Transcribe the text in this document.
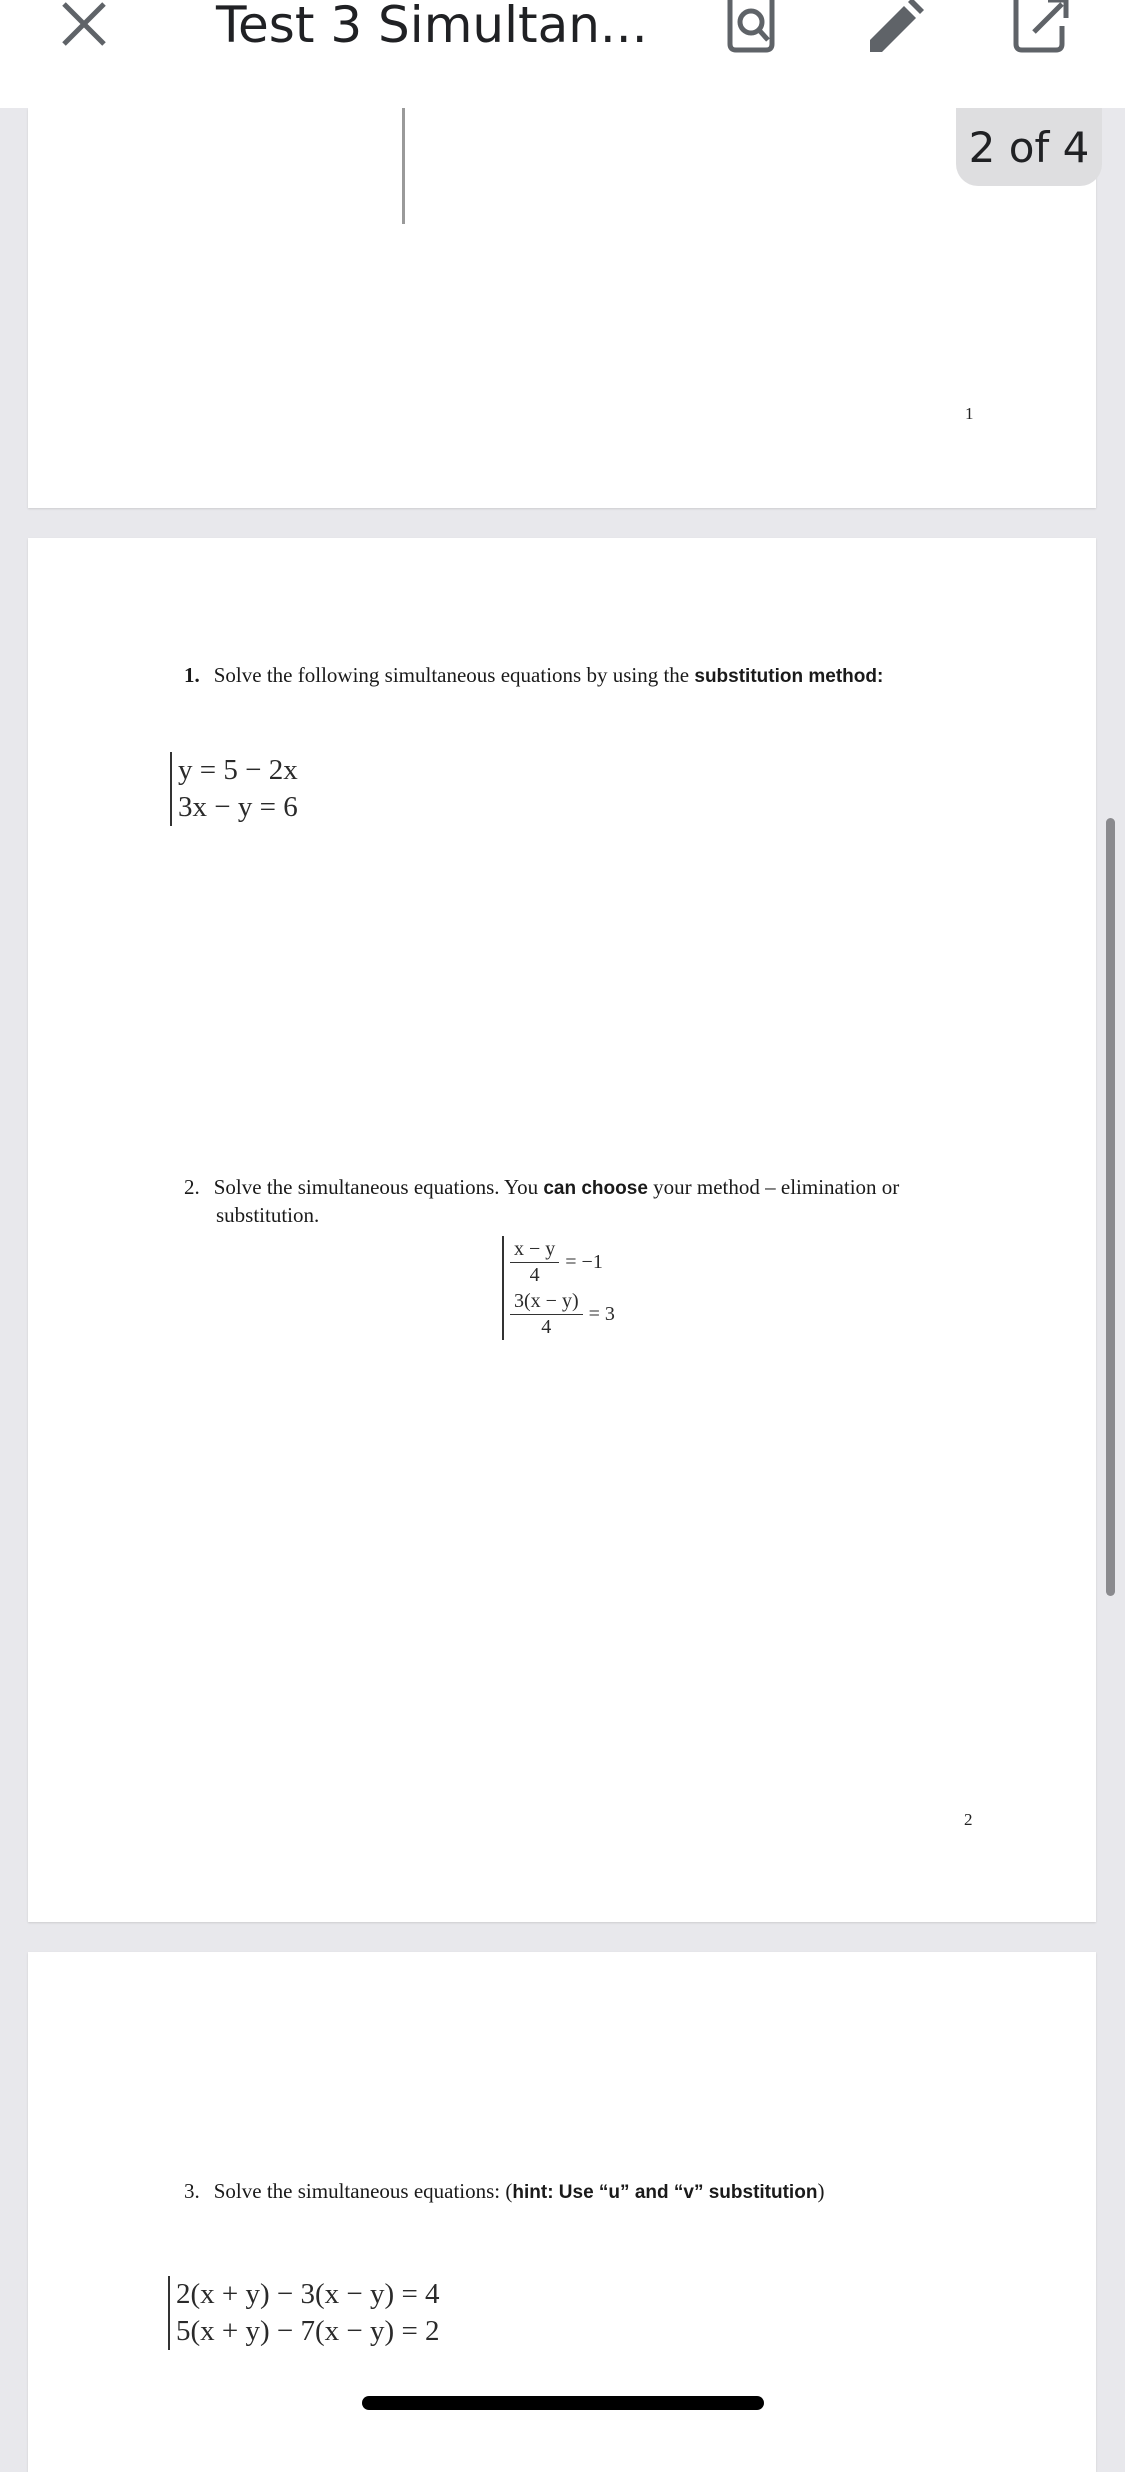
Test 3 Simultan...
2 of 4
1
1. Solve the following simultaneous equations by using the substitution method:
y = 5 − 2x
3x − y = 6
2. Solve the simultaneous equations. You can choose your method – elimination or
substitution.
$\frac{x - y}{4} = -1$
$\frac{3(x - y)}{4} = 3$
2
3. Solve the simultaneous equations: (hint: Use “u” and “v” substitution)
2(x + y) − 3(x − y) = 4
5(x + y) − 7(x − y) = 2
